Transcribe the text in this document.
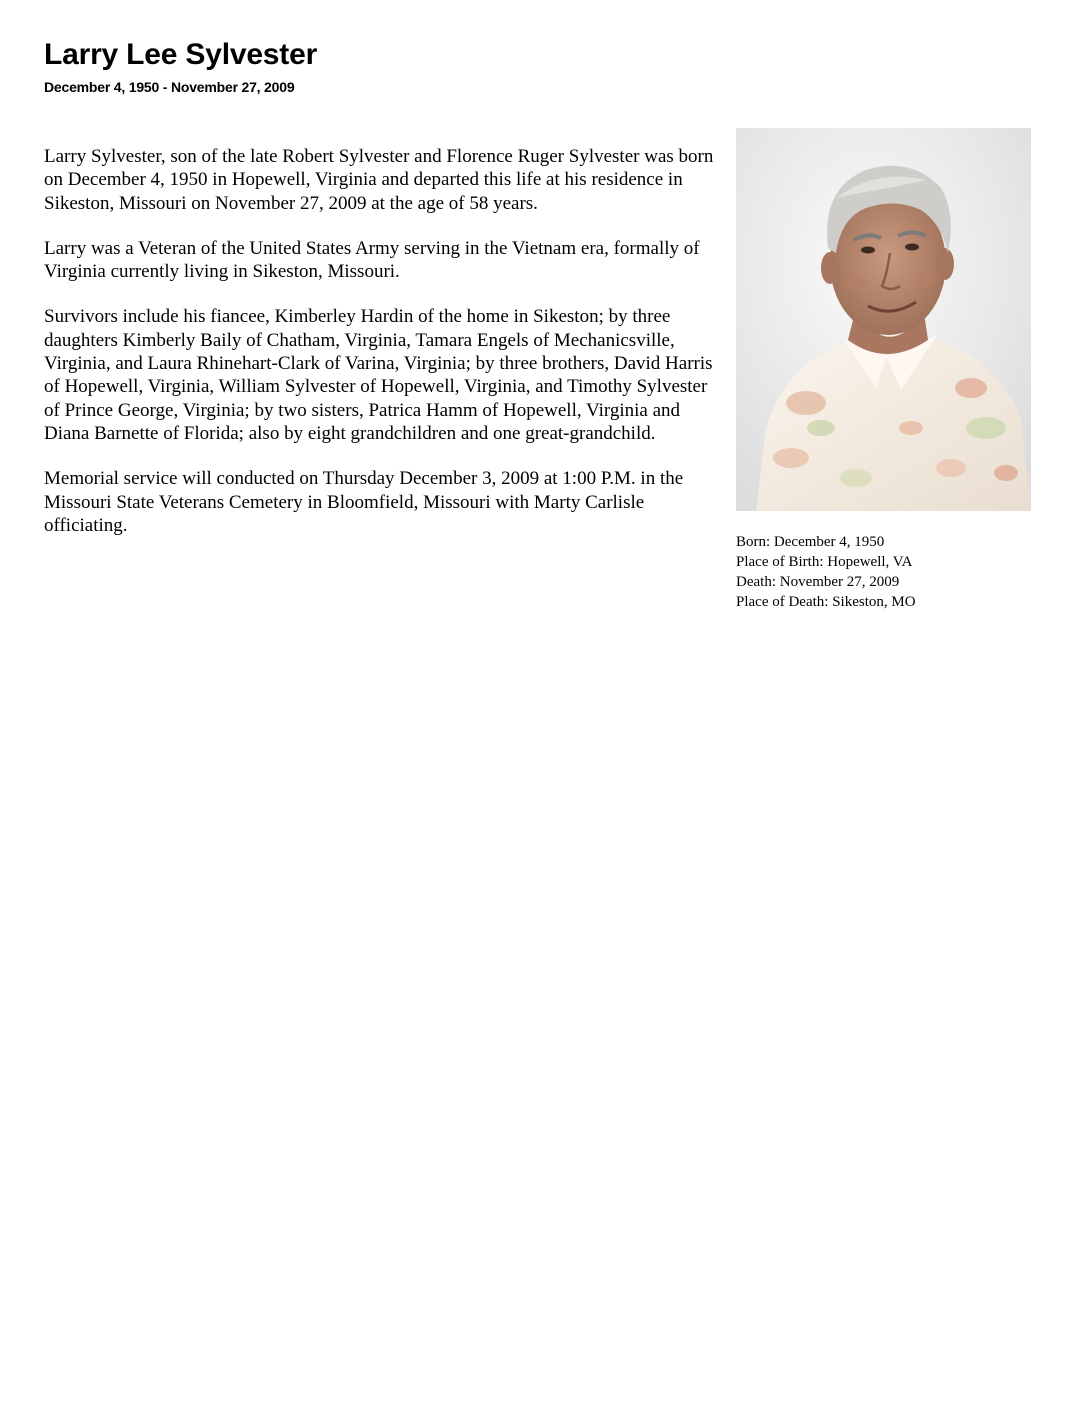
Larry Lee Sylvester
December 4, 1950 - November 27, 2009

Larry Sylvester, son of the late Robert Sylvester and Florence Ruger Sylvester was born on December 4, 1950 in Hopewell, Virginia and departed this life at his residence in Sikeston, Missouri on November 27, 2009 at the age of 58 years.

Larry was a Veteran of the United States Army serving in the Vietnam era, formally of Virginia currently living in Sikeston, Missouri.

Survivors include his fiancee, Kimberley Hardin of the home in Sikeston; by three daughters Kimberly Baily of Chatham, Virginia, Tamara Engels of Mechanicsville, Virginia, and Laura Rhinehart-Clark of Varina, Virginia; by three brothers, David Harris of Hopewell, Virginia, William Sylvester of Hopewell, Virginia, and Timothy Sylvester of Prince George, Virginia; by two sisters, Patrica Hamm of Hopewell, Virginia and Diana Barnette of Florida; also by eight grandchildren and one great-grandchild.

Memorial service will conducted on Thursday December 3, 2009 at 1:00 P.M. in the Missouri State Veterans Cemetery in Bloomfield, Missouri with Marty Carlisle officiating.

Born: December 4, 1950
Place of Birth: Hopewell, VA
Death: November 27, 2009
Place of Death: Sikeston, MO
